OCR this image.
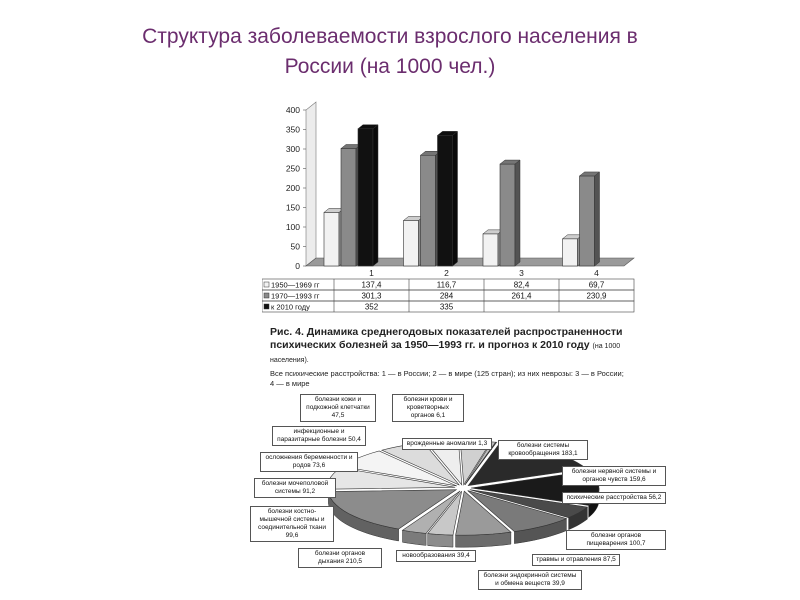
Структура заболеваемости взрослого населения в
России (на 1000 чел.)
0
50
100
150
200
250
300
350
400
1	2	3	4
1950—1969 гг	137,4	116,7	82,4	69,7
1970—1993 гг	301,3	284	261,4	230,9
к 2010 году	352	335
Рис. 4. Динамика среднегодовых показателей распространенности психических болезней за 1950—1993 гг. и прогноз к 2010 году (на 1000 населения).
Все психические расстройства: 1 — в России; 2 — в мире (125 стран); из них неврозы: 3 — в России;
4 — в мире
болезни кожи и подкожной клетчатки 47,5
болезни крови и кроветворных органов 6,1
инфекционные и паразитарные болезни 50,4
врожденные аномалии 1,3	болезни системы кровообращения 183,1
осложнения беременности и родов 73,6
болезни нервной системы и органов чувств 159,6
болезни мочеполовой системы 91,2
психические расстройства 56,2
болезни костно-мышечной системы и соединительной ткани 99,6	болезни органов пищеварения 100,7
болезни органов дыхания 210,5
новообразования 39,4
травмы и отравления 87,5
болезни эндокринной системы и обмена веществ 39,9
